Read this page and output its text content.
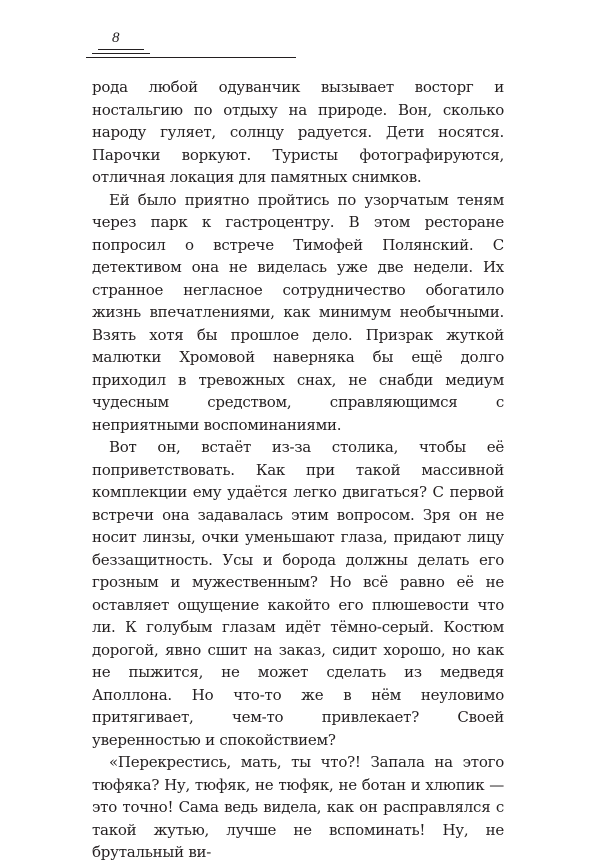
8

рода любой одуванчик вызывает восторг и ностальгию по отдыху на природе. Вон, сколько народу гуляет, солнцу радуется. Дети носятся. Парочки воркуют. Туристы фотографируются, отличная локация для памятных снимков.

Ей было приятно пройтись по узорчатым теням через парк к гастроцентру. В этом ресторане попросил о встрече Тимофей Полянский. С детективом она не виделась уже две недели. Их странное негласное сотрудничество обогатило жизнь впечатлениями, как минимум необычными. Взять хотя бы прошлое дело. Призрак жуткой малютки Хромовой наверняка бы ещё долго приходил в тревожных снах, не снабди медиум чудесным средством, справляющимся с неприятными воспоминаниями.

Вот он, встаёт из-за столика, чтобы её поприветствовать. Как при такой массивной комплекции ему удаётся легко двигаться? С первой встречи она задавалась этим вопросом. Зря он не носит линзы, очки уменьшают глаза, придают лицу беззащитность. Усы и борода должны делать его грозным и мужественным? Но всё равно её не оставляет ощущение какойто его плюшевости что ли. К голубым глазам идёт тёмно-серый. Костюм дорогой, явно сшит на заказ, сидит хорошо, но как не пыжится, не может сделать из медведя Аполлона. Но что-то же в нём неуловимо притягивает, чем-то привлекает? Своей уверенностью и спокойствием?

«Перекрестись, мать, ты что?! Запала на этого тюфяка? Ну, тюфяк, не тюфяк, не ботан и хлюпик — это точно! Сама ведь видела, как он расправлялся с такой жутью, лучше не вспоминать! Ну, не брутальный ви-
